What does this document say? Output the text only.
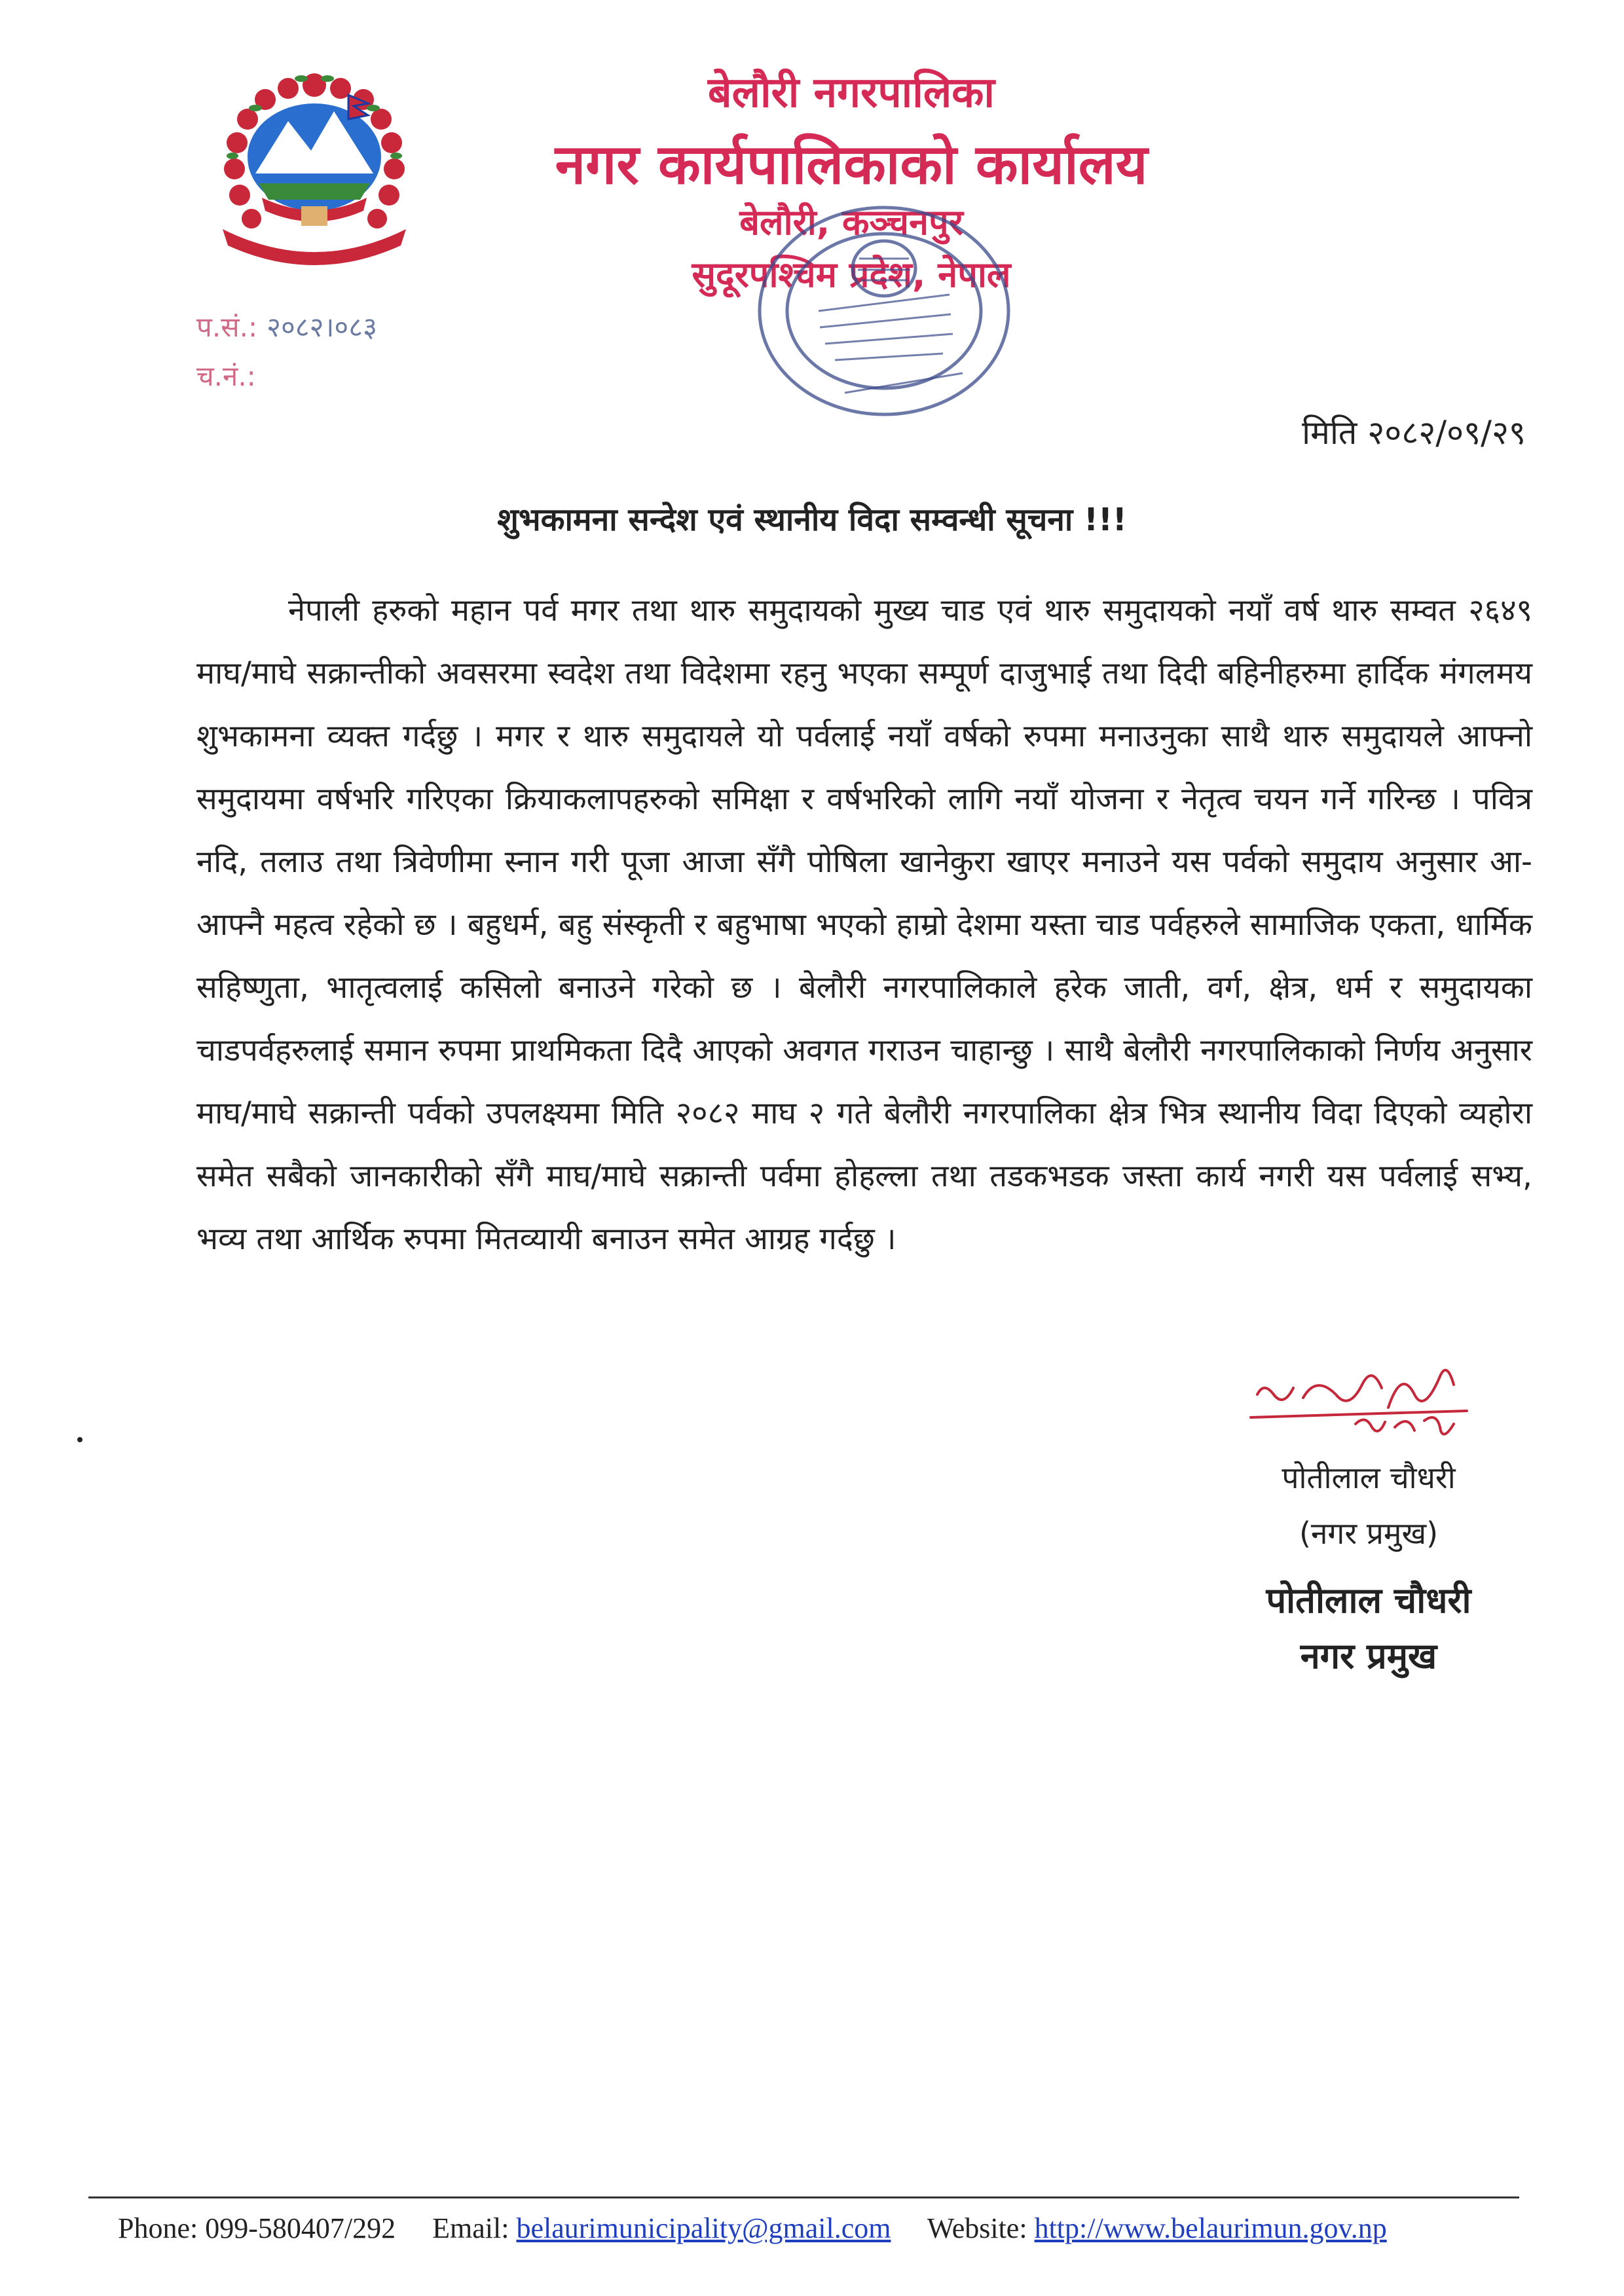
बेलौरी नगरपालिका
नगर कार्यपालिकाको कार्यालय
बेलौरी, कञ्चनपुर
सुदूरपश्चिम प्रदेश, नेपाल
प.सं.: २०८२।०८३
च.नं.:
मिति २०८२/०९/२९
शुभकामना सन्देश एवं स्थानीय विदा सम्वन्धी सूचना !!!
नेपाली हरुको महान पर्व मगर तथा थारु समुदायको मुख्य चाड एवं थारु समुदायको नयाँ वर्ष थारु सम्वत २६४९ माघ/माघे सक्रान्तीको अवसरमा स्वदेश तथा विदेशमा रहनु भएका सम्पूर्ण दाजुभाई तथा दिदी बहिनीहरुमा हार्दिक मंगलमय शुभकामना व्यक्त गर्दछु । मगर र थारु समुदायले यो पर्वलाई नयाँ वर्षको रुपमा मनाउनुका साथै थारु समुदायले आफ्नो समुदायमा वर्षभरि गरिएका क्रियाकलापहरुको समिक्षा र वर्षभरिको लागि नयाँ योजना र नेतृत्व चयन गर्ने गरिन्छ । पवित्र नदि, तलाउ तथा त्रिवेणीमा स्नान गरी पूजा आजा सँगै पोषिला खानेकुरा खाएर मनाउने यस पर्वको समुदाय अनुसार आ- आफ्नै महत्व रहेको छ । बहुधर्म, बहु संस्कृती र बहुभाषा भएको हाम्रो देशमा यस्ता चाड पर्वहरुले सामाजिक एकता, धार्मिक सहिष्णुता, भातृत्वलाई कसिलो बनाउने गरेको छ । बेलौरी नगरपालिकाले हरेक जाती, वर्ग, क्षेत्र, धर्म र समुदायका चाडपर्वहरुलाई समान रुपमा प्राथमिकता दिदै आएको अवगत गराउन चाहान्छु । साथै बेलौरी नगरपालिकाको निर्णय अनुसार माघ/माघे सक्रान्ती पर्वको उपलक्ष्यमा मिति २०८२ माघ २ गते बेलौरी नगरपालिका क्षेत्र भित्र स्थानीय विदा दिएको व्यहोरा समेत सबैको जानकारीको सँगै माघ/माघे सक्रान्ती पर्वमा होहल्ला तथा तडकभडक जस्ता कार्य नगरी यस पर्वलाई सभ्य, भव्य तथा आर्थिक रुपमा मितव्यायी बनाउन समेत आग्रह गर्दछु ।
पोतीलाल चौधरी
(नगर प्रमुख)
पोतीलाल चौधरी
नगर प्रमुख
Phone: 099-580407/292 Email: belaurimunicipality@gmail.com Website: http://www.belaurimun.gov.np
